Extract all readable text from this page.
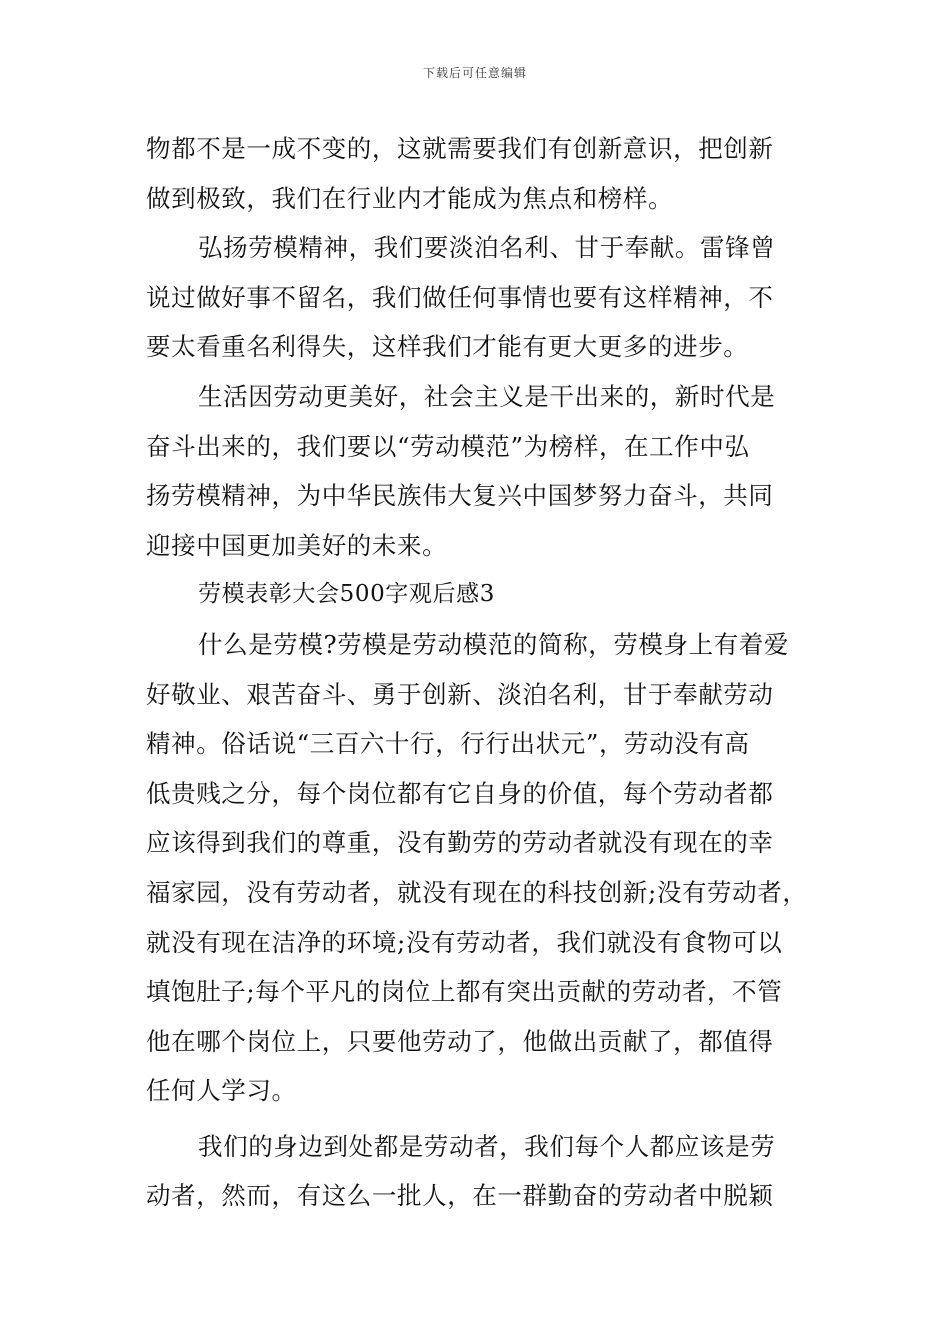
下载后可任意编辑
物都不是一成不变的，这就需要我们有创新意识，把创新
做到极致，我们在行业内才能成为焦点和榜样。
弘扬劳模精神，我们要淡泊名利、甘于奉献。雷锋曾
说过做好事不留名，我们做任何事情也要有这样精神，不
要太看重名利得失，这样我们才能有更大更多的进步。
生活因劳动更美好，社会主义是干出来的，新时代是
奋斗出来的，我们要以“劳动模范”为榜样，在工作中弘
扬劳模精神，为中华民族伟大复兴中国梦努力奋斗，共同
迎接中国更加美好的未来。
劳模表彰大会500字观后感3
什么是劳模?劳模是劳动模范的简称，劳模身上有着爱
好敬业、艰苦奋斗、勇于创新、淡泊名利，甘于奉献劳动
精神。俗话说“三百六十行，行行出状元”，劳动没有高
低贵贱之分，每个岗位都有它自身的价值，每个劳动者都
应该得到我们的尊重，没有勤劳的劳动者就没有现在的幸
福家园，没有劳动者，就没有现在的科技创新;没有劳动者，
就没有现在洁净的环境;没有劳动者，我们就没有食物可以
填饱肚子;每个平凡的岗位上都有突出贡献的劳动者，不管
他在哪个岗位上，只要他劳动了，他做出贡献了，都值得
任何人学习。
我们的身边到处都是劳动者，我们每个人都应该是劳
动者，然而，有这么一批人，在一群勤奋的劳动者中脱颖
